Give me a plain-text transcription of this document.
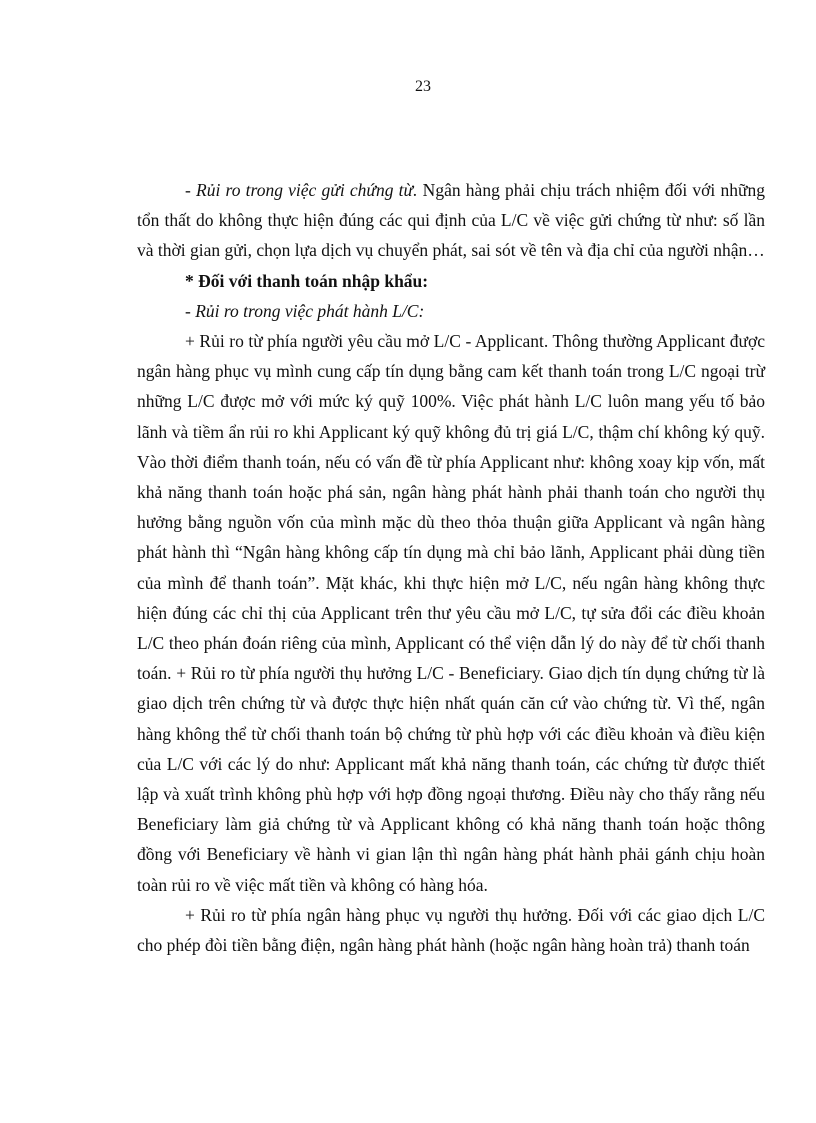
23

- Rủi ro trong việc gửi chứng từ. Ngân hàng phải chịu trách nhiệm đối với những tổn thất do không thực hiện đúng các qui định của L/C về việc gửi chứng từ như: số lần và thời gian gửi, chọn lựa dịch vụ chuyển phát, sai sót về tên và địa chỉ của người nhận…

* Đối với thanh toán nhập khẩu:

- Rủi ro trong việc phát hành L/C:

+ Rủi ro từ phía người yêu cầu mở L/C - Applicant. Thông thường Applicant được ngân hàng phục vụ mình cung cấp tín dụng bằng cam kết thanh toán trong L/C ngoại trừ những L/C được mở với mức ký quỹ 100%. Việc phát hành L/C luôn mang yếu tố bảo lãnh và tiềm ẩn rủi ro khi Applicant ký quỹ không đủ trị giá L/C, thậm chí không ký quỹ. Vào thời điểm thanh toán, nếu có vấn đề từ phía Applicant như: không xoay kịp vốn, mất khả năng thanh toán hoặc phá sản, ngân hàng phát hành phải thanh toán cho người thụ hưởng bằng nguồn vốn của mình mặc dù theo thỏa thuận giữa Applicant và ngân hàng phát hành thì “Ngân hàng không cấp tín dụng mà chỉ bảo lãnh, Applicant phải dùng tiền của mình để thanh toán”. Mặt khác, khi thực hiện mở L/C, nếu ngân hàng không thực hiện đúng các chỉ thị của Applicant trên thư yêu cầu mở L/C, tự sửa đổi các điều khoản L/C theo phán đoán riêng của mình, Applicant có thể viện dẫn lý do này để từ chối thanh toán. + Rủi ro từ phía người thụ hưởng L/C - Beneficiary. Giao dịch tín dụng chứng từ là giao dịch trên chứng từ và được thực hiện nhất quán căn cứ vào chứng từ. Vì thế, ngân hàng không thể từ chối thanh toán bộ chứng từ phù hợp với các điều khoản và điều kiện của L/C với các lý do như: Applicant mất khả năng thanh toán, các chứng từ được thiết lập và xuất trình không phù hợp với hợp đồng ngoại thương. Điều này cho thấy rằng nếu Beneficiary làm giả chứng từ và Applicant không có khả năng thanh toán hoặc thông đồng với Beneficiary về hành vi gian lận thì ngân hàng phát hành phải gánh chịu hoàn toàn rủi ro về việc mất tiền và không có hàng hóa.

+ Rủi ro từ phía ngân hàng phục vụ người thụ hưởng. Đối với các giao dịch L/C cho phép đòi tiền bằng điện, ngân hàng phát hành (hoặc ngân hàng hoàn trả) thanh toán
